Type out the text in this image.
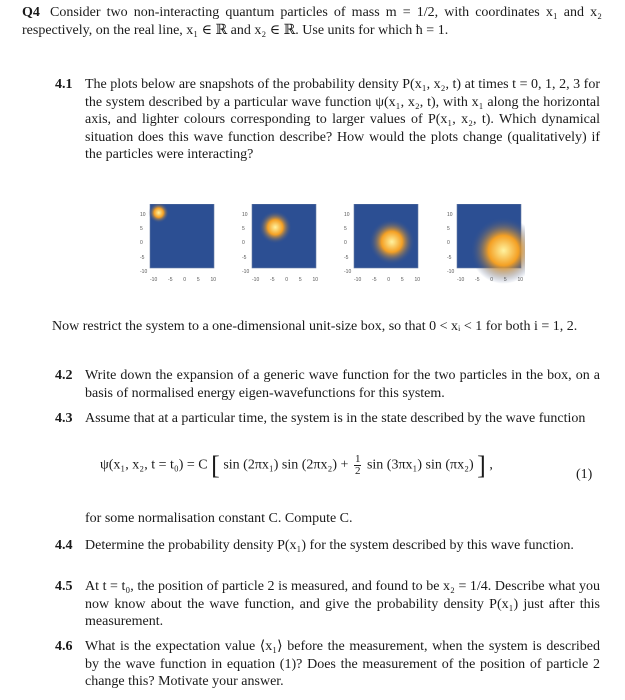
Q4 Consider two non-interacting quantum particles of mass m = 1/2, with coordinates x₁ and x₂ respectively, on the real line, x₁ ∈ ℝ and x₂ ∈ ℝ. Use units for which ħ = 1.
4.1 The plots below are snapshots of the probability density P(x₁, x₂, t) at times t = 0, 1, 2, 3 for the system described by a particular wave function ψ(x₁, x₂, t), with x₁ along the horizontal axis, and lighter colours corresponding to larger values of P(x₁, x₂, t). Which dynamical situation does this wave function describe? How would the plots change (qualitatively) if the particles were interacting?
10
5
0
-5
-10
-10 -5 0 5 10
10
5
0
-5
-10
-10 -5 0 5 10
10
5
0
-5
-10
-10 -5 0 5 10
10
5
0
-5
-10
-10 -5 0 5 10
Now restrict the system to a one-dimensional unit-size box, so that 0 < xᵢ < 1 for both i = 1, 2.
4.2 Write down the expansion of a generic wave function for the two particles in the box, on a basis of normalised energy eigen-wavefunctions for this system.
4.3 Assume that at a particular time, the system is in the state described by the wave function
ψ(x₁, x₂, t = t₀) = C [ sin (2πx₁) $\sin (2\pi x_2) + \frac{1}{2}$ sin (3πx₁) sin (πx₂) ] ,
(1)
for some normalisation constant C. Compute C.
4.4 Determine the probability density P(x₁) for the system described by this wave function.
4.5 At t = t₀, the position of particle 2 is measured, and found to be x₂ = 1/4. Describe what you now know about the wave function, and give the probability density P(x₁) just after this measurement.
4.6 What is the expectation value ⟨x₁⟩ before the measurement, when the system is described by the wave function in equation (1)? Does the measurement of the position of particle 2 change this? Motivate your answer.
